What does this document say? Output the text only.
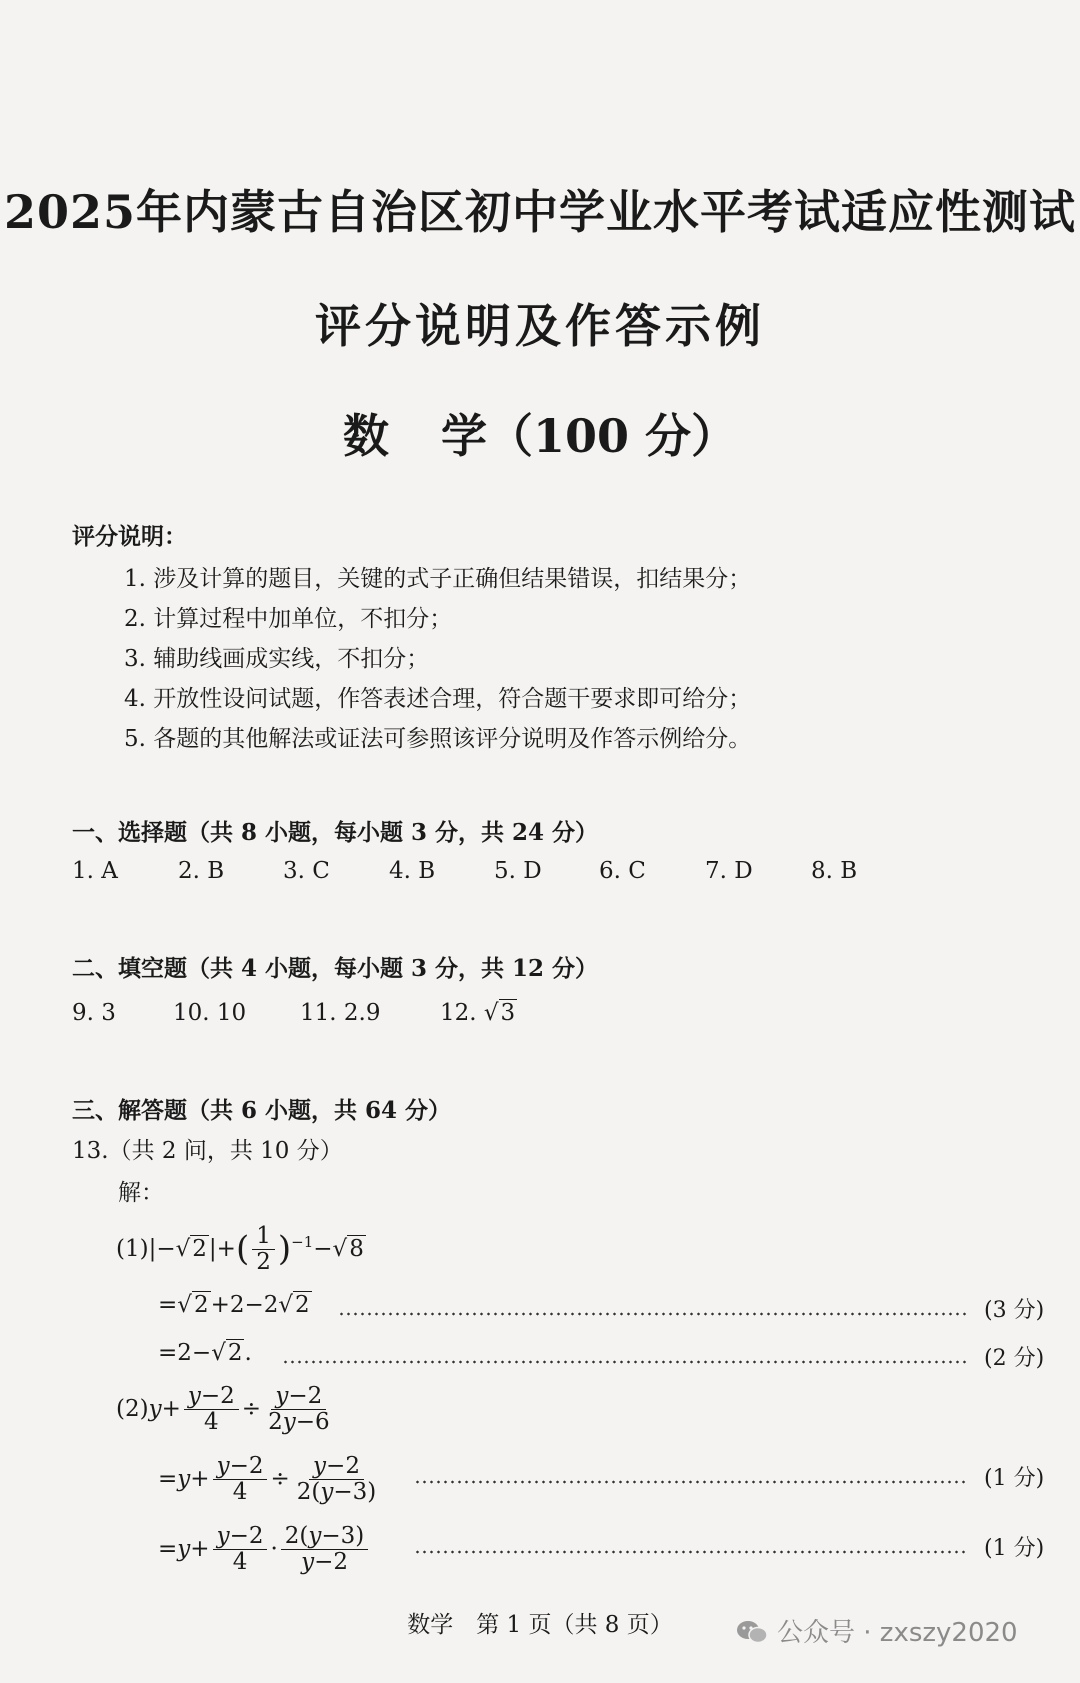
2025年内蒙古自治区初中学业水平考试适应性测试
评分说明及作答示例
数 学（100 分）
评分说明：
1. 涉及计算的题目，关键的式子正确但结果错误，扣结果分；
2. 计算过程中加单位，不扣分；
3. 辅助线画成实线，不扣分；
4. 开放性设问试题，作答表述合理，符合题干要求即可给分；
5. 各题的其他解法或证法可参照该评分说明及作答示例给分。
一、选择题（共 8 小题，每小题 3 分，共 24 分）
1. A	2. B	3. C	4. B	5. D 6. C	7. D	8. B
二、填空题（共 4 小题，每小题 3 分，共 12 分）
9. 3 10. 10 11. 2.9	12. √3
三、解答题（共 6 小题，共 64 分）
13.（共 2 问，共 10 分）
解：
$(1)|-√2|+( \frac{1}{2} )^{-1}-√8$
=√2+2−2√2	(3 分)
=2−√2.	(2 分)
$(2)y+ \frac{y-2}{4} \div \frac{y-2}{2y-6}$
$=y+ \frac{y-2}{4} \div \frac{y-2}{2(y-3)}$	(1 分)
$=y+ \frac{y-2}{4} \cdot \frac{2(y-3)}{y-2}$	(1 分)
数学　第 1 页（共 8 页）	公众号 · zxszy2020
